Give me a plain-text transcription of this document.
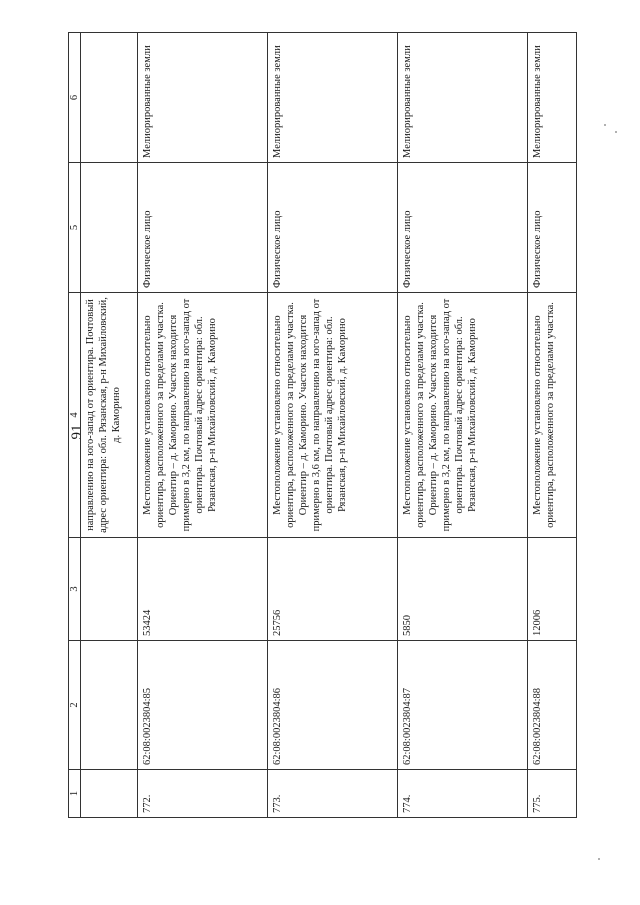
91
1	2	3	4	5	6
			направлению на юго-запад от ориентира. Почтовый адрес ориентира: обл. Рязанская, р-н Михайловский, д. Каморино		
772.	62:08:0023804:85	53424	Местоположение установлено относительно ориентира, расположенного за пределами участка. Ориентир – д. Каморино. Участок находится примерно в 3,2 км, по направлению на юго-запад от ориентира. Почтовый адрес ориентира: обл. Рязанская, р-н Михайловский, д. Каморино	Физическое лицо	Мелиорированные земли
773.	62:08:0023804:86	25756	Местоположение установлено относительно ориентира, расположенного за пределами участка. Ориентир – д. Каморино. Участок находится примерно в 3,6 км, по направлению на юго-запад от ориентира. Почтовый адрес ориентира: обл. Рязанская, р-н Михайловский, д. Каморино	Физическое лицо	Мелиорированные земли
774.	62:08:0023804:87	5850	Местоположение установлено относительно ориентира, расположенного за пределами участка. Ориентир – д. Каморино. Участок находится примерно в 3,2 км, по направлению на юго-запад от ориентира. Почтовый адрес ориентира: обл. Рязанская, р-н Михайловский, д. Каморино	Физическое лицо	Мелиорированные земли
775.	62:08:0023804:88	12006	Местоположение установлено относительно ориентира, расположенного за пределами участка.	Физическое лицо	Мелиорированные земли
